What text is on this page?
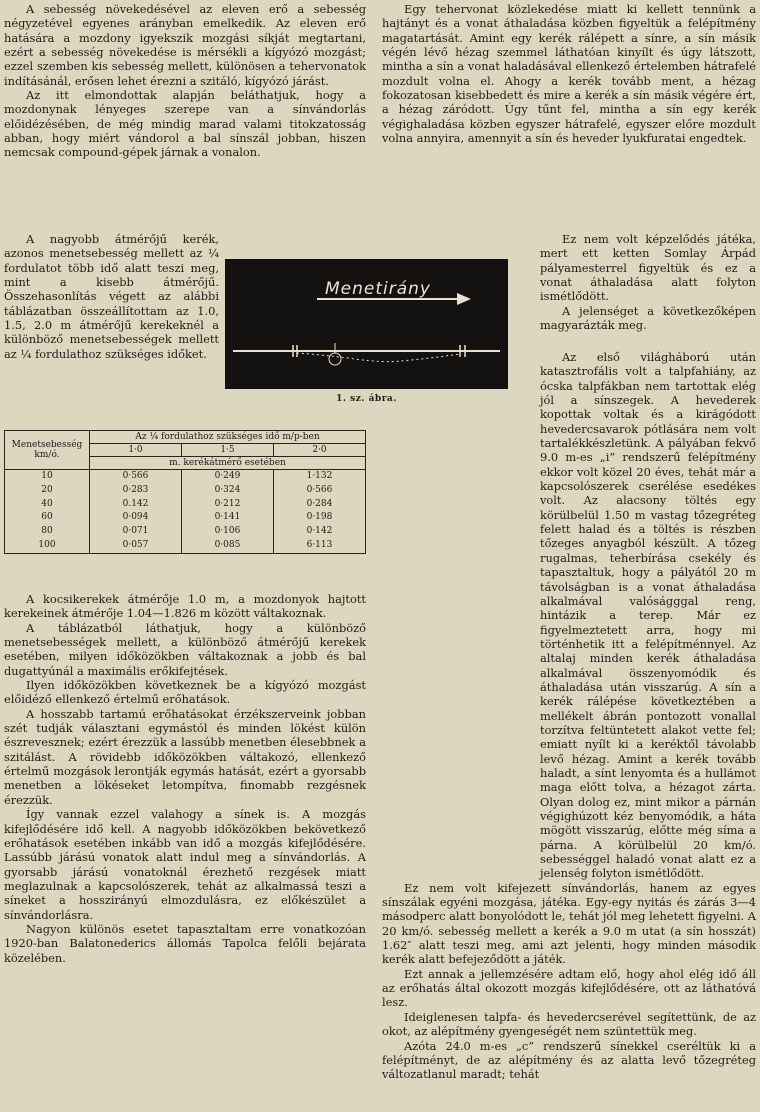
A sebesség növekedésével az eleven erő a sebesség négyzetével egyenes arányban emelkedik. Az eleven erő hatására a mozdony igyekszik mozgási síkját megtartani, ezért a sebesség növekedése is mérsékli a kígyózó mozgást; ezzel szemben kis sebesség mellett, különösen a tehervonatok indításánál, erősen lehet érezni a szitáló, kígyózó járást.

Az itt elmondottak alapján beláthatjuk, hogy a mozdonynak lényeges szerepe van a sínvándorlás előidézésében, de még mindig marad valami titokzatosság abban, hogy miért vándorol a bal sínszál jobban, hiszen nemcsak compound-gépek járnak a vonalon.

A nagyobb átmérőjű kerék, azonos menetsebesség mellett az ¼ fordulatot több idő alatt teszi meg, mint a kisebb átmérőjű. Összehasonlítás végett az alábbi táblázatban összeállítottam az 1.0, 1.5, 2.0 m átmérőjű kerekeknél a különböző menetsebességek mellett az ¼ fordulathoz szükséges időket.

Menetirány
1. sz. ábra.
Menetsebesség km/ó.	Az ¼ fordulathoz szükséges idő m/p-ben		
	1·0	1·5	2·0
	m. kerékátmérő esetében		
10	0·566	0·249	1·132
20	0·283	0·324	0·566
40	0.142	0·212	0·284
60	0·094	0·141	0·198
80	0·071	0·106	0·142
100	0·057	0·085	6·113

A kocsikerekek átmérője 1.0 m, a mozdonyok hajtott kerekeinek átmérője 1.04—1.826 m között váltakoznak.

A táblázatból láthatjuk, hogy a különböző menetsebességek mellett, a különböző átmérőjű kerekek esetében, milyen időközökben váltakoznak a jobb és bal dugattyúnál a maximális erőkifejtések.

Ilyen időközökben következnek be a kígyózó mozgást előidéző ellenkező értelmű erőhatások.

A hosszabb tartamú erőhatásokat érzékszerveink jobban szét tudják választani egymástól és minden lökést külön észrevesznek; ezért érezzük a lassúbb menetben élesebbnek a szitálást. A rövidebb időközökben váltakozó, ellenkező értelmű mozgások lerontják egymás hatását, ezért a gyorsabb menetben a lökéseket letompítva, finomabb rezgésnek érezzük.

Így vannak ezzel valahogy a sínek is. A mozgás kifejlődésére idő kell. A nagyobb időközökben bekövetkező erőhatások esetében inkább van idő a mozgás kifejlődésére. Lassúbb járású vonatok alatt indul meg a sínvándorlás. A gyorsabb járású vonatoknál érezhető rezgések miatt meglazulnak a kapcsolószerek, tehát az alkalmassá teszi a síneket a hosszirányú elmozdulásra, ez előkészület a sínvándorlásra.

Nagyon különös esetet tapasztaltam erre vonatkozóan 1920-ban Balatonederics állomás Tapolca felőli bejárata közelében.

Egy tehervonat közlekedése miatt ki kellett tennünk a hajtányt és a vonat áthaladása közben figyeltük a felépítmény magatartását. Amint egy kerék rálépett a sínre, a sín másik végén lévő hézag szemmel láthatóan kinyílt és úgy látszott, mintha a sín a vonat haladásával ellenkező értelemben hátrafelé mozdult volna el. Ahogy a kerék tovább ment, a hézag fokozatosan kisebbedett és mire a kerék a sín másik végére ért, a hézag záródott. Úgy tűnt fel, mintha a sín egy kerék végighaladása közben egyszer hátrafelé, egyszer előre mozdult volna annyira, amennyit a sín és heveder lyukfuratai engedtek.

Ez nem volt képzelődés játéka, mert ett ketten Somlay Árpád pályamesterrel figyeltük és ez a vonat áthaladása alatt folyton ismétlődött.

A jelenséget a következőképen magyarázták meg.

Az első világháború után katasztrofális volt a talpfahiány, az ócska talpfákban nem tartottak elég jól a sínszegek. A hevederek kopottak voltak és a kirágódott hevedercsavarok pótlására nem volt tartalékkészletünk. A pályában fekvő 9.0 m-es „i” rendszerű felépítmény ekkor volt közel 20 éves, tehát már a kapcsolószerek cserélése esedékes volt. Az alacsony töltés egy körülbelül 1.50 m vastag tőzegréteg felett halad és a töltés is részben tőzeges anyagból készült. A tőzeg rugalmas, teherbírása csekély és tapasztaltuk, hogy a pályától 20 m távolságban is a vonat áthaladása alkalmával valóságggal reng, hintázik a terep. Már ez figyelmeztetett arra, hogy mi történhetik itt a felépítménnyel. Az altalaj minden kerék áthaladása alkalmával összenyomódik és áthaladása után visszarúg. A sín a kerék rálépése következtében a mellékelt ábrán pontozott vonallal torzítva feltüntetett alakot vette fel; emiatt nyílt ki a keréktől távolabb levő hézag. Amint a kerék tovább haladt, a sínt lenyomta és a hullámot maga előtt tolva, a hézagot zárta. Olyan dolog ez, mint mikor a párnán végighúzott kéz benyomódik, a háta mögött visszarúg, előtte még síma a párna. A körülbelül 20 km/ó. sebességgel haladó vonat alatt ez a jelenség folyton ismétlődött.

Ez nem volt kifejezett sínvándorlás, hanem az egyes sínszálak egyéni mozgása, játéka. Egy-egy nyitás és zárás 3—4 másodperc alatt bonyolódott le, tehát jól meg lehetett figyelni. A 20 km/ó. sebesség mellett a kerék a 9.0 m utat (a sín hosszát) 1.62″ alatt teszi meg, ami azt jelenti, hogy minden második kerék alatt befejeződött a játék.

Ezt annak a jellemzésére adtam elő, hogy ahol elég idő áll az erőhatás által okozott mozgás kifejlődésére, ott az láthatóvá lesz.

Ideiglenesen talpfa- és hevedercserével segítettünk, de az okot, az alépítmény gyengeségét nem szüntettük meg.

Azóta 24.0 m-es „c” rendszerű sínekkel cseréltük ki a felépítményt, de az alépítmény és az alatta levő tőzegréteg változatlanul maradt; tehát
